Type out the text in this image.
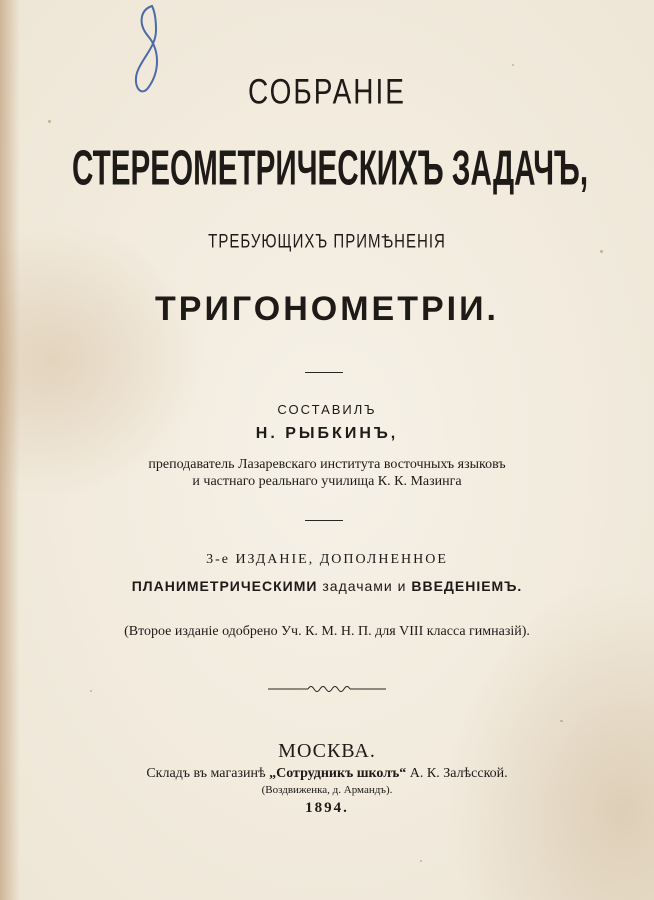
СОБРАНІЕ
СТЕРЕОМЕТРИЧЕСКИХЪ ЗАДАЧЪ,
ТРЕБУЮЩИХЪ ПРИМѢНЕНІЯ
ТРИГОНОМЕТРІИ.
СОСТАВИЛЪ
Н. РЫБКИНЪ,
преподаватель Лазаревскаго института восточныхъ языковъ
и частнаго реальнаго училища К. К. Мазинга
3-е ИЗДАНІЕ, ДОПОЛНЕННОЕ
ПЛАНИМЕТРИЧЕСКИМИ задачами и ВВЕДЕНІЕМЪ.
(Второе изданіе одобрено Уч. К. М. Н. П. для VIII класса гимназій).
МОСКВА.
Складъ въ магазинѣ „Сотрудникъ школъ“ А. К. Залѣсской.
(Воздвиженка, д. Армандъ).
1894.
